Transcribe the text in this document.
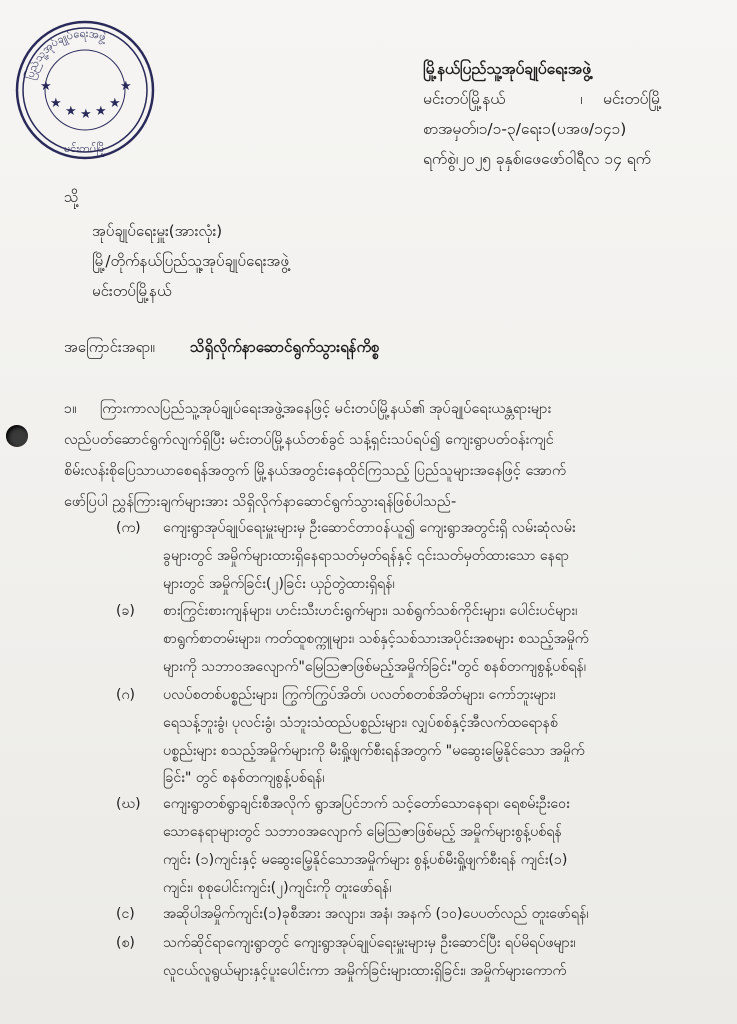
ပြည်သူ့အုပ်ချုပ်ရေးအဖွဲ့
မင်းတပ်မြို့
★
★ ★ ★
★
★	★
မြို့နယ်ပြည်သူ့အုပ်ချုပ်ရေးအဖွဲ့
မင်းတပ်မြို့နယ်	၊ မင်းတပ်မြို့
စာအမှတ်၊၁/၁-၃/ရေး၁(ပအဖ/၁၄၁)
ရက်စွဲ၊၂၀၂၅ ခုနှစ်၊ဖေဖော်ဝါရီလ ၁၄ ရက်
သို့
အုပ်ချုပ်ရေးမှူး(အားလုံး)
မြို့/တိုက်နယ်ပြည်သူ့အုပ်ချုပ်ရေးအဖွဲ့
မင်းတပ်မြို့နယ်
အကြောင်းအရာ။ သိရှိလိုက်နာဆောင်ရွက်သွားရန်ကိစ္စ
၁။ ကြားကာလပြည်သူ့အုပ်ချုပ်ရေးအဖွဲ့အနေဖြင့် မင်းတပ်မြို့နယ်၏ အုပ်ချုပ်ရေးယန္တရားများ
လည်ပတ်ဆောင်ရွက်လျက်ရှိပြီး မင်းတပ်မြို့နယ်တစ်ခွင် သန့်ရှင်းသပ်ရပ်၍ ကျေးရွာပတ်ဝန်းကျင်
စိမ်းလန်းစိုပြေသာယာစေရန်အတွက် မြို့နယ်အတွင်းနေထိုင်ကြသည့် ပြည်သူများအနေဖြင့် အောက်
ဖော်ပြပါ ညွှန်ကြားချက်များအား သိရှိလိုက်နာဆောင်ရွက်သွားရန်ဖြစ်ပါသည်-
(က) ကျေးရွာအုပ်ချုပ်ရေးမှူးများမှ ဦးဆောင်တာဝန်ယူ၍ ကျေးရွာအတွင်းရှိ လမ်းဆုံလမ်း
ခွများတွင် အမှိုက်များထားရှိနေရာသတ်မှတ်ရန်နှင့် ၎င်းသတ်မှတ်ထားသော နေရာ
များတွင် အမှိုက်ခြင်း(၂)ခြင်း ယှဉ်တွဲထားရှိရန်၊
(ခ) စားကြွင်းစားကျန်များ၊ ဟင်းသီးဟင်းရွက်များ၊ သစ်ရွက်သစ်ကိုင်းများ၊ ပေါင်းပင်များ၊
စာရွက်စာတမ်းများ၊ ကတ်ထူစက္ကူများ၊ သစ်နှင့်သစ်သားအပိုင်းအစများ စသည့်အမှိုက်
များကို သဘာဝအလျောက်"မြေဩဇာဖြစ်မည့်အမှိုက်ခြင်း"တွင် စနစ်တကျစွန့်ပစ်ရန်၊
(ဂ) ပလပ်စတစ်ပစ္စည်းများ၊ ကြွက်ကြွပ်အိတ်၊ ပလတ်စတစ်အိတ်များ၊ ကော်ဘူးများ၊
ရေသန့်ဘူးခွံ၊ ပုလင်းခွံ၊ သံဘူးသံထည်ပစ္စည်းများ၊ လျှပ်စစ်နှင့်အီလက်ထရောနစ်
ပစ္စည်းများ စသည့်အမှိုက်များကို မီးရှို့ဖျက်စီးရန်အတွက် "မဆွေးမြေ့နိုင်သော အမှိုက်
ခြင်း" တွင် စနစ်တကျစွန့်ပစ်ရန်၊
(ဃ) ကျေးရွာတစ်ရွာချင်းစီအလိုက် ရွာအပြင်ဘက် သင့်တော်သောနေရာ၊ ရေစမ်းဦးဝေး
သောနေရာများတွင် သဘာဝအလျောက် မြေဩဇာဖြစ်မည့် အမှိုက်များစွန့်ပစ်ရန်
ကျင်း (၁)ကျင်းနှင့် မဆွေးမြေ့နိုင်သောအမှိုက်များ စွန့်ပစ်မီးရှို့ဖျက်စီးရန် ကျင်း(၁)
ကျင်း၊ စုစုပေါင်းကျင်း(၂)ကျင်းကို တူးဖော်ရန်၊
(င) အဆိုပါအမှိုက်ကျင်း(၁)ခုစီအား အလျား၊ အနံ၊ အနက် (၁၀)ပေပတ်လည် တူးဖော်ရန်၊
(စ) သက်ဆိုင်ရာကျေးရွာတွင် ကျေးရွာအုပ်ချုပ်ရေးမှူးများမှ ဦးဆောင်ပြီး ရပ်မိရပ်ဖများ၊
လူငယ်လူရွယ်များနှင့်ပူးပေါင်းကာ အမှိုက်ခြင်းများထားရှိခြင်း၊ အမှိုက်များကောက်
